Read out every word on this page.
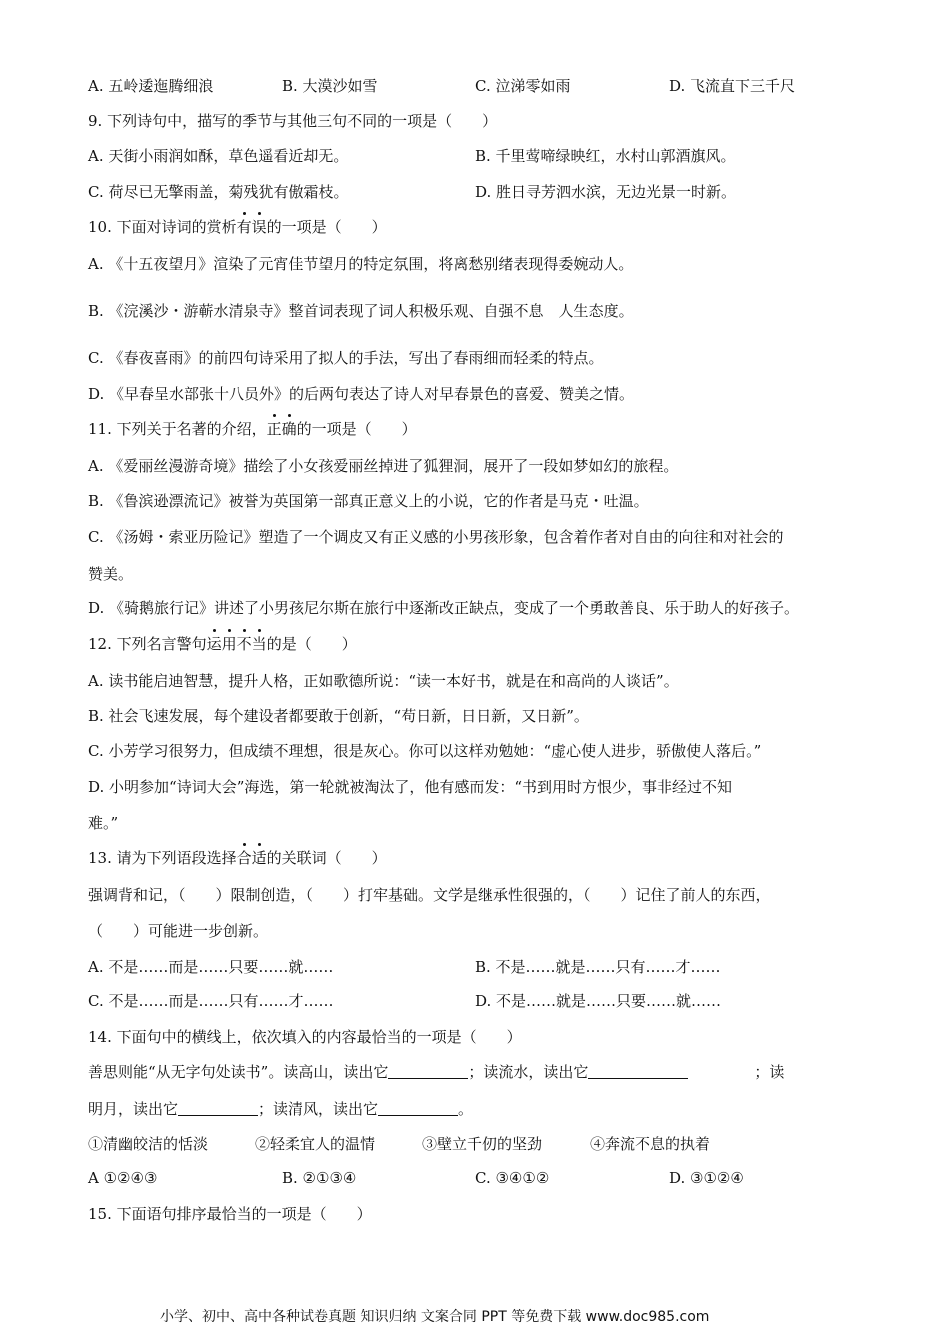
A. 五岭逶迤腾细浪	B. 大漠沙如雪	C. 泣涕零如雨	D. 飞流直下三千尺
9. 下列诗句中，描写的季节与其他三句不同的一项是（　　）
A. 天街小雨润如酥，草色遥看近却无。	B. 千里莺啼绿映红，水村山郭酒旗风。
C. 荷尽已无擎雨盖，菊残犹有傲霜枝。	D. 胜日寻芳泗水滨，无边光景一时新。
10. 下面对诗词的赏析有误的一项是（　　）
A. 《十五夜望月》渲染了元宵佳节望月的特定氛围，将离愁别绪表现得委婉动人。
B. 《浣溪沙・游蕲水清泉寺》整首词表现了词人积极乐观、自强不息　人生态度。
C. 《春夜喜雨》的前四句诗采用了拟人的手法，写出了春雨细而轻柔的特点。
D. 《早春呈水部张十八员外》的后两句表达了诗人对早春景色的喜爱、赞美之情。
11. 下列关于名著的介绍，正确的一项是（　　）
A. 《爱丽丝漫游奇境》描绘了小女孩爱丽丝掉进了狐狸洞，展开了一段如梦如幻的旅程。
B. 《鲁滨逊漂流记》被誉为英国第一部真正意义上的小说，它的作者是马克・吐温。
C. 《汤姆・索亚历险记》塑造了一个调皮又有正义感的小男孩形象，包含着作者对自由的向往和对社会的
赞美。
D. 《骑鹅旅行记》讲述了小男孩尼尔斯在旅行中逐渐改正缺点，变成了一个勇敢善良、乐于助人的好孩子。
12. 下列名言警句运用不当的是（　　）
A. 读书能启迪智慧，提升人格，正如歌德所说：“读一本好书，就是在和高尚的人谈话”。
B. 社会飞速发展，每个建设者都要敢于创新，“苟日新，日日新，又日新”。
C. 小芳学习很努力，但成绩不理想，很是灰心。你可以这样劝勉她：“虚心使人进步，骄傲使人落后。”
D. 小明参加“诗词大会”海选，第一轮就被淘汰了，他有感而发：“书到用时方恨少，事非经过不知
难。”
13. 请为下列语段选择合适的关联词（　　）
强调背和记，（　　）限制创造，（　　）打牢基础。文学是继承性很强的，（　　）记住了前人的东西，
（　　）可能进一步创新。
A. 不是……而是……只要……就……	B. 不是……就是……只有……才……
C. 不是……而是……只有……才……	D. 不是……就是……只要……就……
14. 下面句中的横线上，依次填入的内容最恰当的一项是（　　）
善思则能“从无字句处读书”。读高山，读出它	；读流水，读出它	；读
明月，读出它	；读清风，读出它	。
①清幽皎洁的恬淡	②轻柔宜人的温情	③壁立千仞的坚劲	④奔流不息的执着
A ①②④③	B. ②①③④	C. ③④①②	D. ③①②④
15. 下面语句排序最恰当的一项是（　　）
小学、初中、高中各种试卷真题 知识归纳 文案合同 PPT 等免费下载 www.doc985.com
